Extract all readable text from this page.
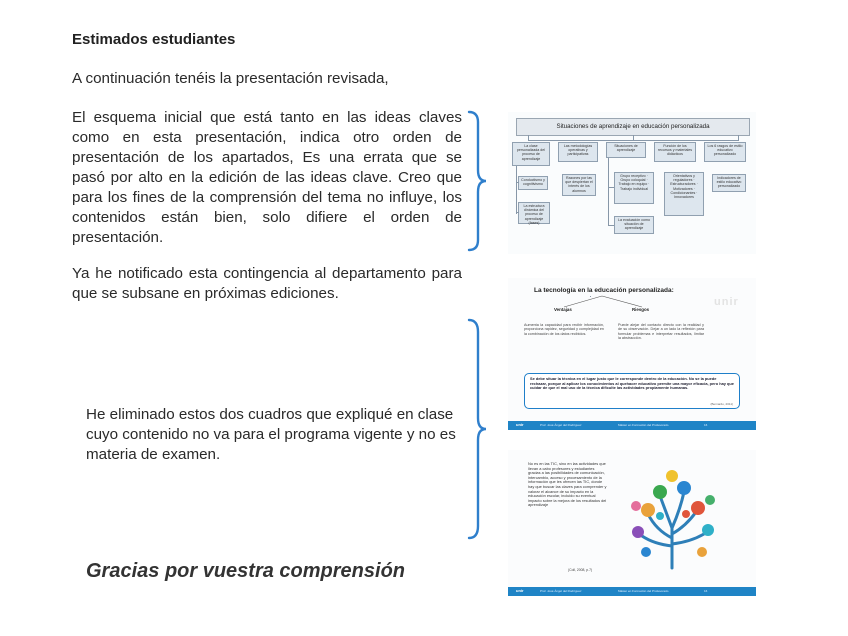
Estimados estudiantes
A continuación tenéis la presentación revisada,
El esquema inicial que está tanto en las ideas claves como en esta presentación, indica otro orden de presentación de los apartados, Es una errata que se pasó por alto en la edición de las ideas clave. Creo que para los fines de la comprensión del tema no influye, los contenidos están bien, solo difiere el orden de presentación.
Ya he notificado esta contingencia al departamento para que se subsane en próximas ediciones.
He eliminado estos dos cuadros que expliqué en clase cuyo contenido no va para el programa vigente y no es materia de examen.
Gracias por vuestra comprensión
Situaciones de aprendizaje en educación personalizada
La clase personalizada del proceso de aprendizaje
Las metodologías operativas y participativas
Situaciones de aprendizaje
Función de los recursos y materiales didácticos
Los 6 rasgos de estilo educativo personalizado
Conductismo y cognitivismo
Razones por las que despiertan el interés de los alumnos
Grupo receptivo · Grupo coloquial · Trabajo en equipo · Trabajo individual
Orientativos y reguladores · Estructuradores · Motivadores · Condicionantes · Innovadores
Indicadores de estilo educativo personalizado
La estructura dinámica del proceso de aprendizaje (fases)
La evaluación como situación de aprendizaje
La tecnología en la educación personalizada:
Ventajas	Riesgos
Aumenta la capacidad para recibir información, proporciona rapidez, seguridad y complejidad en la combinación de los datos recibidos.
Puede alejar del contacto directo con la realidad y de su observación. Dejar a un lado la reflexión para formular problemas e interpretar resultados, limitar la abstracción.
Se debe situar la técnica en el lugar justo que le corresponde dentro de la educación. No se la puede rechazar, porque al aplicar los conocimientos al quehacer educativo permite una mayor eficacia, pero hay que cuidar de que el mal uso de la técnica dificulte las actividades propiamente humanas.
(Bernardo, 2011)
unir	Prof. José Ángel del Rodríguez	Máster en Formación del Profesorado	16
unir
No es en las TIC, sino en las actividades que llevan a cabo profesores y estudiantes gracias a las posibilidades de comunicación, intercambio, acceso y procesamiento de la información que les ofrecen las TIC, donde hay que buscar las claves para comprender y valorar el alcance de su impacto en la educación escolar, incluido su eventual impacto sobre la mejora de los resultados del aprendizaje
(Coll, 2008, p.7)
unir	Prof. José Ángel del Rodríguez	Máster en Formación del Profesorado	16
